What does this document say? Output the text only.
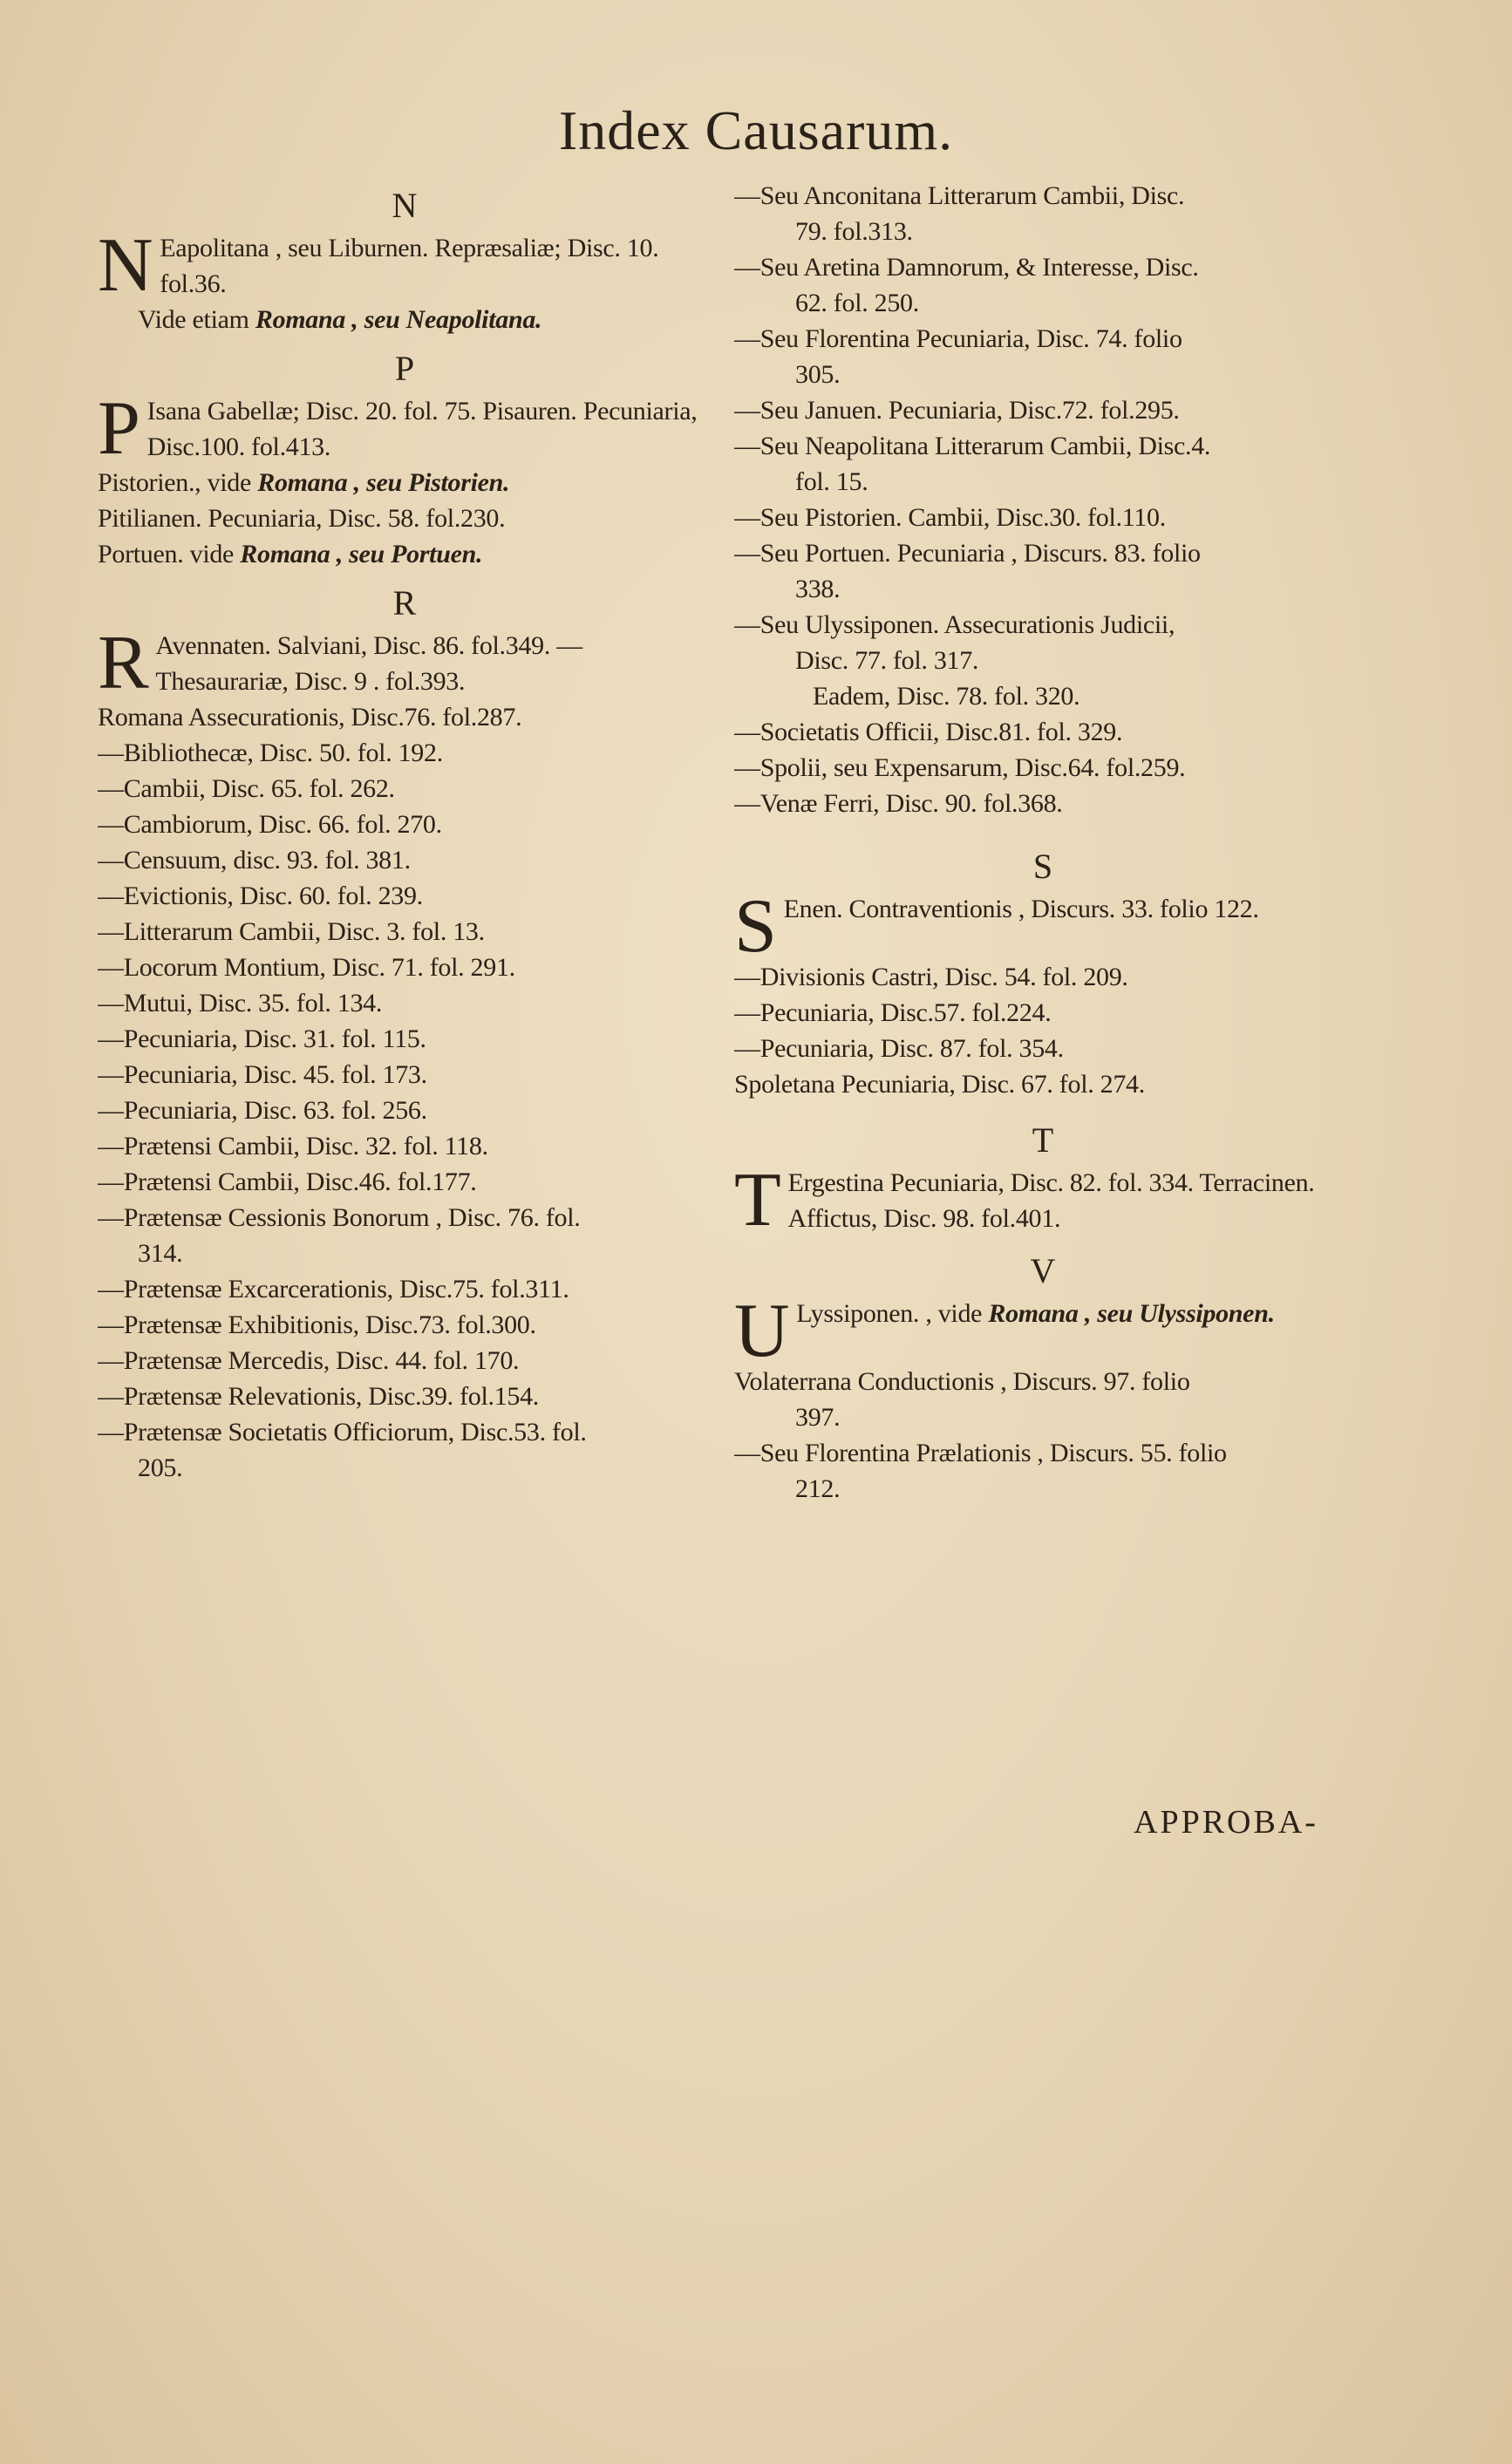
Index Causarum.
N
N Eapolitana , seu Liburnen. Repræsaliæ; Disc. 10. fol.36.
Vide etiam Romana , seu Neapolitana.
P
P Isana Gabellæ; Disc. 20. fol. 75. Pisauren. Pecuniaria, Disc.100. fol.413.
Pistorien., vide Romana , seu Pistorien.
Pitilianen. Pecuniaria, Disc. 58. fol.230.
Portuen. vide Romana , seu Portuen.
R
R Avennaten. Salviani, Disc. 86. fol.349. — Thesaurariæ, Disc. 9 . fol.393.
Romana Assecurationis, Disc.76. fol.287.
—Bibliothecæ, Disc. 50. fol. 192.
—Cambii, Disc. 65. fol. 262.
—Cambiorum, Disc. 66. fol. 270.
—Censuum, disc. 93. fol. 381.
—Evictionis, Disc. 60. fol. 239.
—Litterarum Cambii, Disc. 3. fol. 13.
—Locorum Montium, Disc. 71. fol. 291.
—Mutui, Disc. 35. fol. 134.
—Pecuniaria, Disc. 31. fol. 115.
—Pecuniaria, Disc. 45. fol. 173.
—Pecuniaria, Disc. 63. fol. 256.
—Prætensi Cambii, Disc. 32. fol. 118.
—Prætensi Cambii, Disc.46. fol.177.
—Prætensæ Cessionis Bonorum , Disc. 76. fol.
314.
—Prætensæ Excarcerationis, Disc.75. fol.311.
—Prætensæ Exhibitionis, Disc.73. fol.300.
—Prætensæ Mercedis, Disc. 44. fol. 170.
—Prætensæ Relevationis, Disc.39. fol.154.
—Prætensæ Societatis Officiorum, Disc.53. fol.
205.
—Seu Anconitana Litterarum Cambii, Disc.
79. fol.313.
—Seu Aretina Damnorum, & Interesse, Disc.
62. fol. 250.
—Seu Florentina Pecuniaria, Disc. 74. folio
305.
—Seu Januen. Pecuniaria, Disc.72. fol.295.
—Seu Neapolitana Litterarum Cambii, Disc.4.
fol. 15.
—Seu Pistorien. Cambii, Disc.30. fol.110.
—Seu Portuen. Pecuniaria , Discurs. 83. folio
338.
—Seu Ulyssiponen. Assecurationis Judicii,
Disc. 77. fol. 317.
Eadem, Disc. 78. fol. 320.
—Societatis Officii, Disc.81. fol. 329.
—Spolii, seu Expensarum, Disc.64. fol.259.
—Venæ Ferri, Disc. 90. fol.368.
S
S Enen. Contraventionis , Discurs. 33. folio 122.
—Divisionis Castri, Disc. 54. fol. 209.
—Pecuniaria, Disc.57. fol.224.
—Pecuniaria, Disc. 87. fol. 354.
Spoletana Pecuniaria, Disc. 67. fol. 274.
T
T Ergestina Pecuniaria, Disc. 82. fol. 334. Terracinen. Affictus, Disc. 98. fol.401.
V
U Lyssiponen. , vide Romana , seu Ulyssiponen.
Volaterrana Conductionis , Discurs. 97. folio
397.
—Seu Florentina Prælationis , Discurs. 55. folio
212.
APPROBA-
